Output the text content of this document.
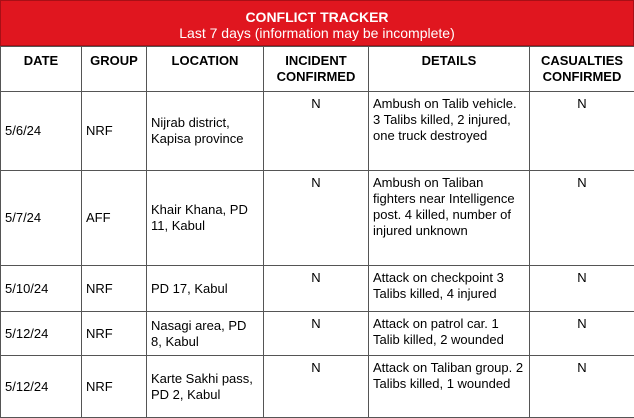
CONFLICT TRACKER
Last 7 days (information may be incomplete)
DATE	GROUP	LOCATION	INCIDENT CONFIRMED	DETAILS	CASUALTIES CONFIRMED
5/6/24	NRF	Nijrab district, Kapisa province	N	Ambush on Talib vehicle. 3 Talibs killed, 2 injured, one truck destroyed	N
5/7/24	AFF	Khair Khana, PD 11, Kabul	N	Ambush on Taliban fighters near Intelligence post. 4 killed, number of injured unknown	N
5/10/24	NRF	PD 17, Kabul	N	Attack on checkpoint 3 Talibs killed, 4 injured	N
5/12/24	NRF	Nasagi area, PD 8, Kabul	N	Attack on patrol car. 1 Talib killed, 2 wounded	N
5/12/24	NRF	Karte Sakhi pass, PD 2, Kabul	N	Attack on Taliban group. 2 Talibs killed, 1 wounded	N
